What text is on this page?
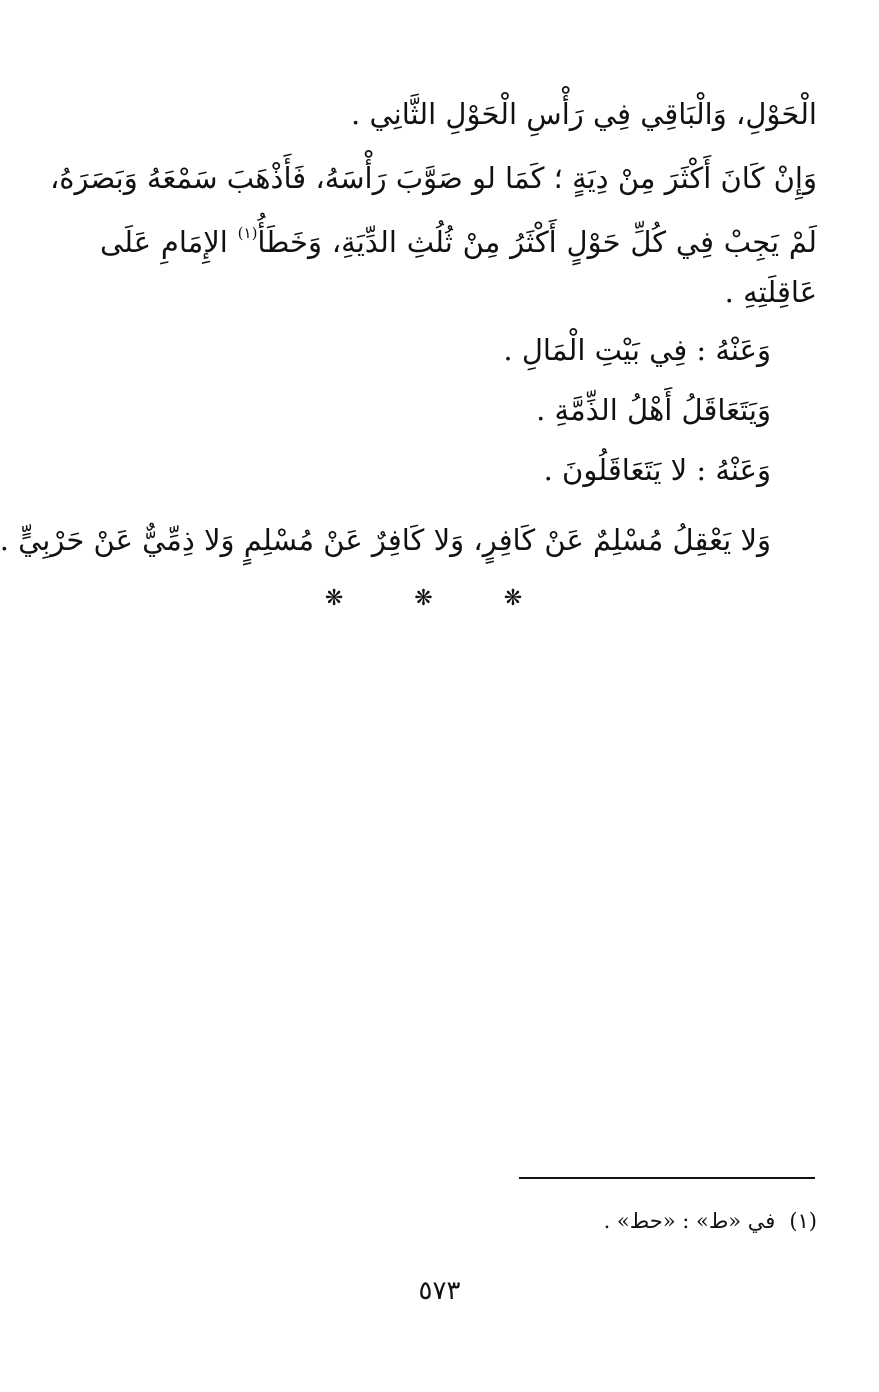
الْحَوْلِ، وَالْبَاقِي فِي رَأْسِ الْحَوْلِ الثَّانِي .
وَإِنْ كَانَ أَكْثَرَ مِنْ دِيَةٍ ؛ كَمَا لو صَوَّبَ رَأْسَهُ، فَأَذْهَبَ سَمْعَهُ وَبَصَرَهُ،
لَمْ يَجِبْ فِي كُلِّ حَوْلٍ أَكْثَرُ مِنْ ثُلُثِ الدِّيَةِ، وَخَطَأُ$^{(١)}$ الإِمَامِ عَلَى
عَاقِلَتِهِ .
وَعَنْهُ : فِي بَيْتِ الْمَالِ .
وَيَتَعَاقَلُ أَهْلُ الذِّمَّةِ .
وَعَنْهُ : لا يَتَعَاقَلُونَ .
وَلا يَعْقِلُ مُسْلِمٌ عَنْ كَافِرٍ، وَلا كَافِرٌ عَنْ مُسْلِمٍ وَلا ذِمِّيٌّ عَنْ حَرْبِيٍّ .
❋ ❋ ❋
(١)في «ط» : «حط» .
٥٧٣
